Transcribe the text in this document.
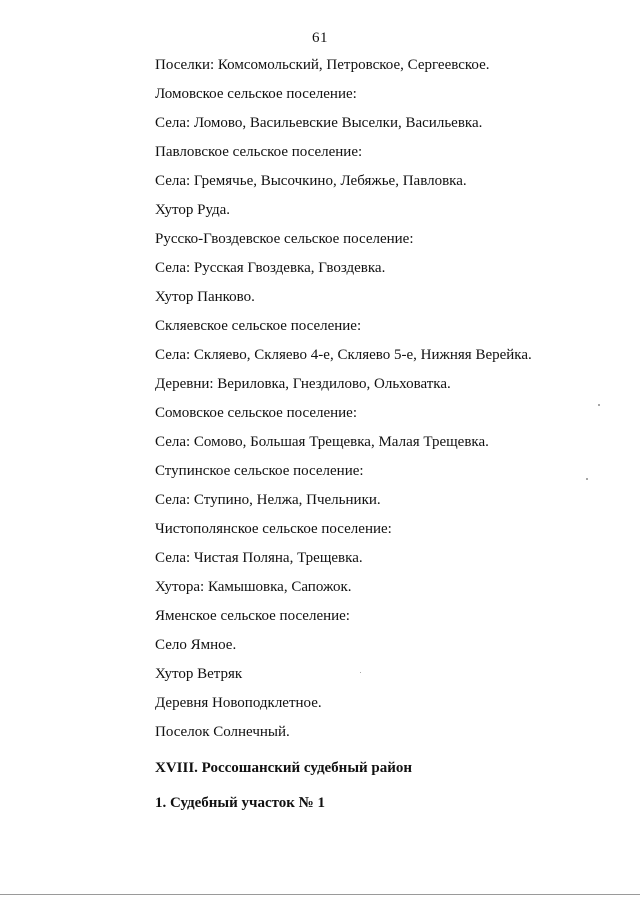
61
Поселки: Комсомольский, Петровское, Сергеевское.
Ломовское сельское поселение:
Села: Ломово, Васильевские Выселки, Васильевка.
Павловское сельское поселение:
Села: Гремячье, Высочкино, Лебяжье, Павловка.
Хутор Руда.
Русско-Гвоздевское сельское поселение:
Села: Русская Гвоздевка, Гвоздевка.
Хутор Панково.
Скляевское сельское поселение:
Села: Скляево, Скляево 4-е, Скляево 5-е, Нижняя Верейка.
Деревни: Вериловка, Гнездилово, Ольховатка.
Сомовское сельское поселение:
Села: Сомово, Большая Трещевка, Малая Трещевка.
Ступинское сельское поселение:
Села: Ступино, Нелжа, Пчельники.
Чистополянское сельское поселение:
Села: Чистая Поляна, Трещевка.
Хутора: Камышовка, Сапожок.
Яменское сельское поселение:
Село Ямное.
Хутор Ветряк
Деревня Новоподклетное.
Поселок Солнечный.
XVIII. Россошанский судебный район
1. Судебный участок № 1
